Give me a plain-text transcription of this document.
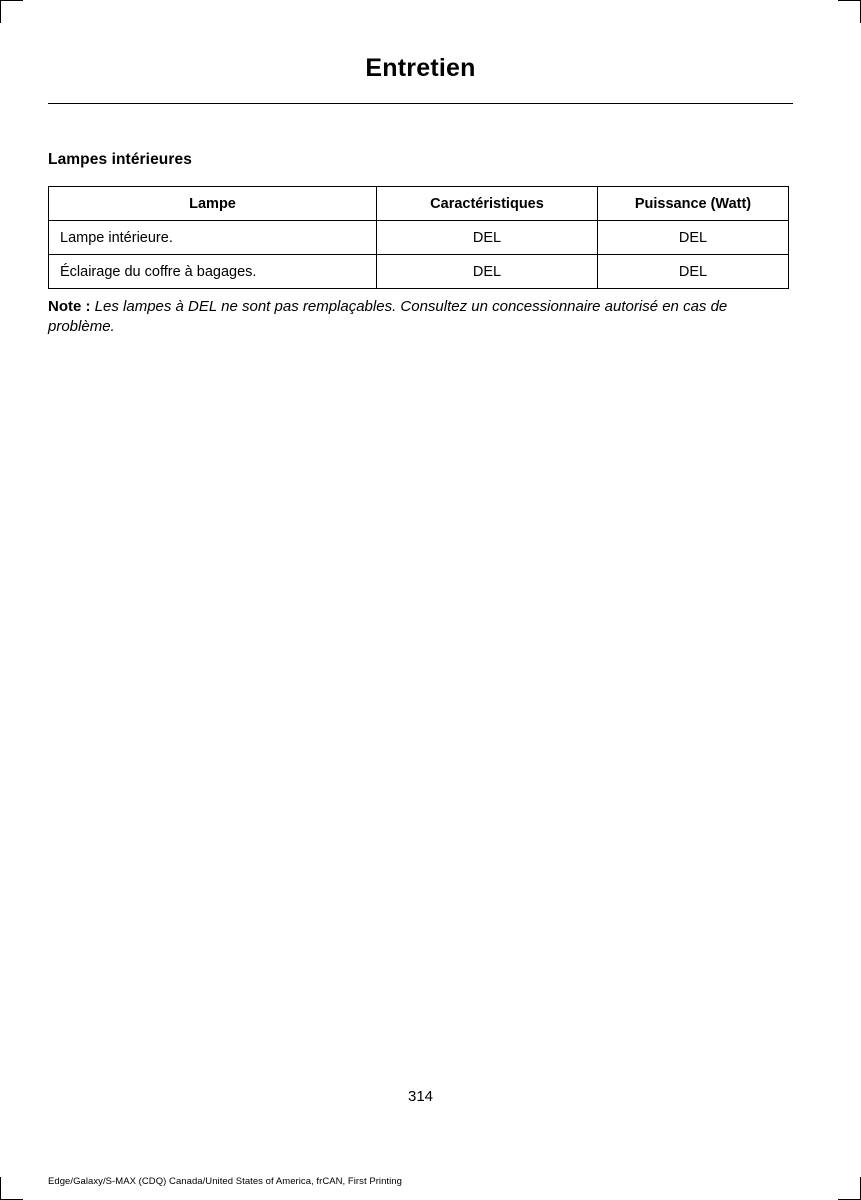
Entretien
Lampes intérieures
Lampe	Caractéristiques	Puissance (Watt)
Lampe intérieure.	DEL	DEL
Éclairage du coffre à bagages.	DEL	DEL
Note : Les lampes à DEL ne sont pas remplaçables. Consultez un concessionnaire autorisé en cas de problème.
314
Edge/Galaxy/S-MAX (CDQ) Canada/United States of America, frCAN, First Printing
